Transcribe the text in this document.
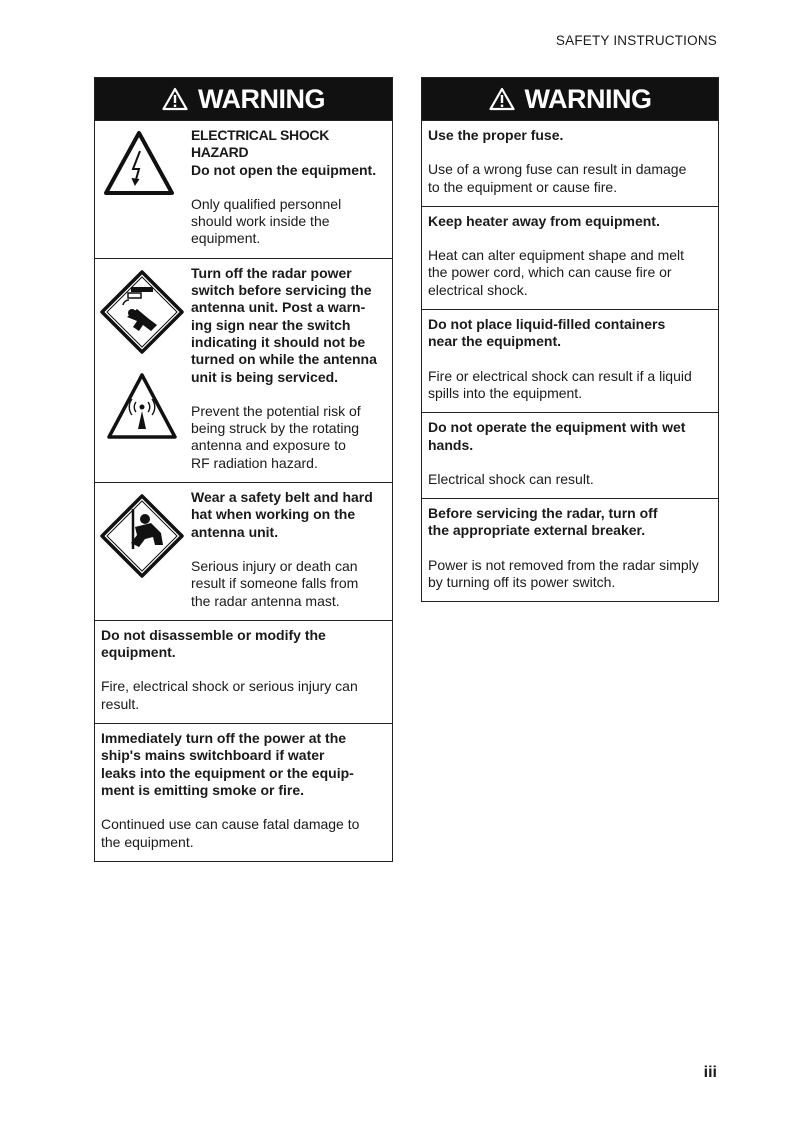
SAFETY INSTRUCTIONS
WARNING
ELECTRICAL SHOCK HAZARD
Do not open the equipment.
Only qualified personnel
should work inside the
equipment.
Turn off the radar power
switch before servicing the
antenna unit. Post a warn-
ing sign near the switch
indicating it should not be
turned on while the antenna
unit is being serviced.
Prevent the potential risk of
being struck by the rotating
antenna and exposure to
RF radiation hazard.
Wear a safety belt and hard
hat when working on the
antenna unit.
Serious injury or death can
result if someone falls from
the radar antenna mast.
Do not disassemble or modify the
equipment.
Fire, electrical shock or serious injury can
result.
Immediately turn off the power at the
ship's mains switchboard if water
leaks into the equipment or the equip-
ment is emitting smoke or fire.
Continued use can cause fatal damage to
the equipment.
WARNING
Use the proper fuse.
Use of a wrong fuse can result in damage
to the equipment or cause fire.
Keep heater away from equipment.
Heat can alter equipment shape and melt
the power cord, which can cause fire or
electrical shock.
Do not place liquid-filled containers
near the equipment.
Fire or electrical shock can result if a liquid
spills into the equipment.
Do not operate the equipment with wet
hands.
Electrical shock can result.
Before servicing the radar, turn off
the appropriate external breaker.
Power is not removed from the radar simply
by turning off its power switch.
iii
